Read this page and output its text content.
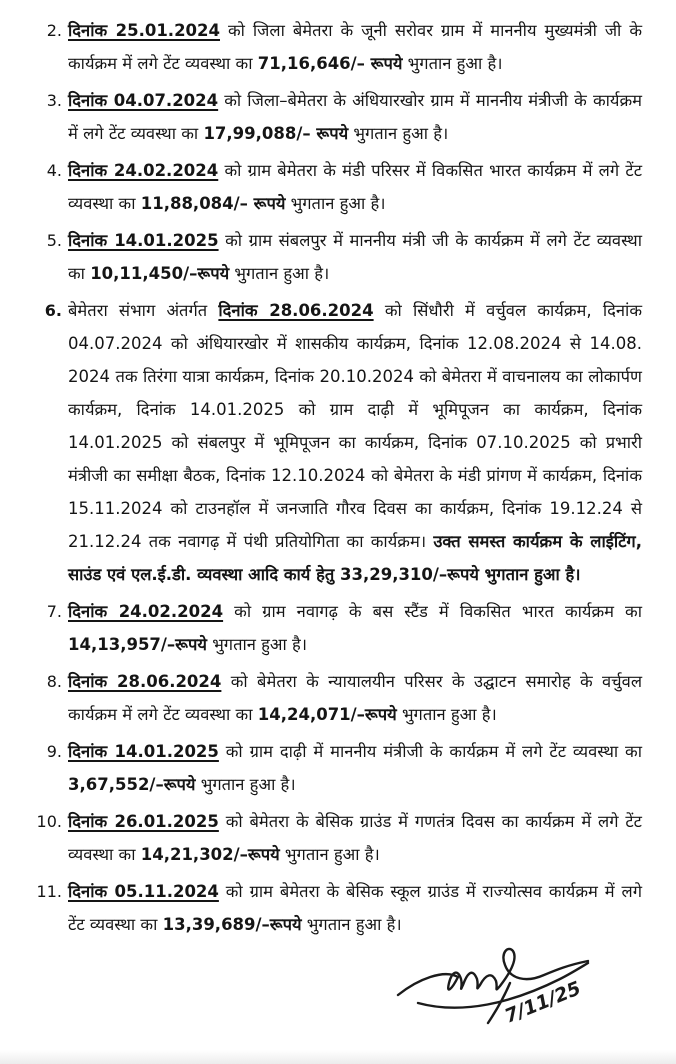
2. दिनांक 25.01.2024 को जिला बेमेतरा के जूनी सरोवर ग्राम में माननीय मुख्यमंत्री जी के कार्यक्रम में लगे टेंट व्यवस्था का 71,16,646/– रूपये भुगतान हुआ है।
3. दिनांक 04.07.2024 को जिला–बेमेतरा के अंधियारखोर ग्राम में माननीय मंत्रीजी के कार्यक्रम में लगे टेंट व्यवस्था का 17,99,088/– रूपये भुगतान हुआ है।
4. दिनांक 24.02.2024 को ग्राम बेमेतरा के मंडी परिसर में विकसित भारत कार्यक्रम में लगे टेंट व्यवस्था का 11,88,084/– रूपये भुगतान हुआ है।
5. दिनांक 14.01.2025 को ग्राम संबलपुर में माननीय मंत्री जी के कार्यक्रम में लगे टेंट व्यवस्था का 10,11,450/–रूपये भुगतान हुआ है।
6. बेमेतरा संभाग अंतर्गत दिनांक 28.06.2024 को सिंधौरी में वर्चुवल कार्यक्रम, दिनांक 04.07.2024 को अंधियारखोर में शासकीय कार्यक्रम, दिनांक 12.08.2024 से 14.08. 2024 तक तिरंगा यात्रा कार्यक्रम, दिनांक 20.10.2024 को बेमेतरा में वाचनालय का लोकार्पण कार्यक्रम, दिनांक 14.01.2025 को ग्राम दाढ़ी में भूमिपूजन का कार्यक्रम, दिनांक 14.01.2025 को संबलपुर में भूमिपूजन का कार्यक्रम, दिनांक 07.10.2025 को प्रभारी मंत्रीजी का समीक्षा बैठक, दिनांक 12.10.2024 को बेमेतरा के मंडी प्रांगण में कार्यक्रम, दिनांक 15.11.2024 को टाउनहॉल में जनजाति गौरव दिवस का कार्यक्रम, दिनांक 19.12.24 से 21.12.24 तक नवागढ़ में पंथी प्रतियोगिता का कार्यक्रम। उक्त समस्त कार्यक्रम के लाईटिंग, साउंड एवं एल.ई.डी. व्यवस्था आदि कार्य हेतु 33,29,310/–रूपये भुगतान हुआ है।
7. दिनांक 24.02.2024 को ग्राम नवागढ़ के बस स्टैंड में विकसित भारत कार्यक्रम का 14,13,957/–रूपये भुगतान हुआ है।
8. दिनांक 28.06.2024 को बेमेतरा के न्यायालयीन परिसर के उद्घाटन समारोह के वर्चुवल कार्यक्रम में लगे टेंट व्यवस्था का 14,24,071/–रूपये भुगतान हुआ है।
9. दिनांक 14.01.2025 को ग्राम दाढ़ी में माननीय मंत्रीजी के कार्यक्रम में लगे टेंट व्यवस्था का 3,67,552/–रूपये भुगतान हुआ है।
10. दिनांक 26.01.2025 को बेमेतरा के बेसिक ग्राउंड में गणतंत्र दिवस का कार्यक्रम में लगे टेंट व्यवस्था का 14,21,302/–रूपये भुगतान हुआ है।
11. दिनांक 05.11.2024 को ग्राम बेमेतरा के बेसिक स्कूल ग्राउंड में राज्योत्सव कार्यक्रम में लगे टेंट व्यवस्था का 13,39,689/–रूपये भुगतान हुआ है।
7/11/25
